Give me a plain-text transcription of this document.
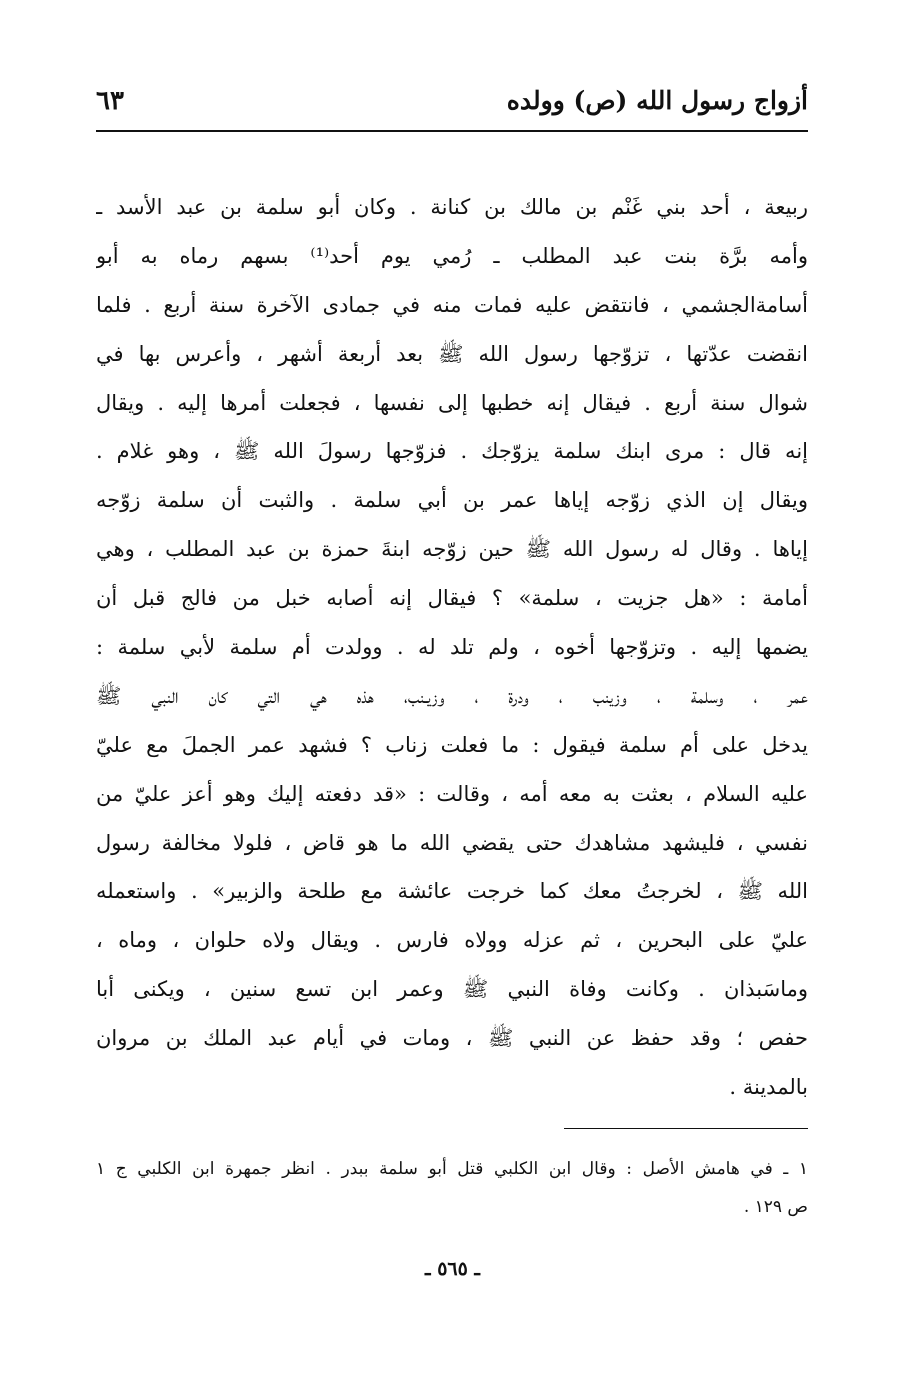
أزواج رسول الله (ص) وولده
٦٣
ربيعة ، أحد بني غَنْم بن مالك بن كنانة . وكان أبو سلمة بن عبد الأسد ـ
وأمه برَّة بنت عبد المطلب ـ رُمي يوم أحد⁽¹⁾ بسهم رماه به أبو
أسامةالجشمي ، فانتقض عليه فمات منه في جمادى الآخرة سنة أربع . فلما
انقضت عدّتها ، تزوّجها رسول الله ﷺ بعد أربعة أشهر ، وأعرس بها في
شوال سنة أربع . فيقال إنه خطبها إلى نفسها ، فجعلت أمرها إليه . ويقال
إنه قال : مرى ابنك سلمة يزوّجك . فزوّجها رسولَ الله ﷺ ، وهو غلام .
ويقال إن الذي زوّجه إياها عمر بن أبي سلمة . والثبت أن سلمة زوّجه
إياها . وقال له رسول الله ﷺ حين زوّجه ابنةَ حمزة بن عبد المطلب ، وهي
أمامة : «هل جزيت ، سلمة» ؟ فيقال إنه أصابه خبل من فالج قبل أن
يضمها إليه . وتزوّجها أخوه ، ولم تلد له . وولدت أم سلمة لأبي سلمة :
عمر ، وسلمة ، وزينب ، ودرة ، وزيـنب، هذه هي التي كان النبي ﷺ
يدخل على أم سلمة فيقول : ما فعلت زناب ؟ فشهد عمر الجملَ مع عليّ
عليه السلام ، بعثت به معه أمه ، وقالت : «قد دفعته إليك وهو أعز عليّ من
نفسي ، فليشهد مشاهدك حتى يقضي الله ما هو قاض ، فلولا مخالفة رسول
الله ﷺ ، لخرجتُ معك كما خرجت عائشة مع طلحة والزبير» . واستعمله
عليّ على البحرين ، ثم عزله وولاه فارس . ويقال ولاه حلوان ، وماه ،
وماسَبذان . وكانت وفاة النبي ﷺ وعمر ابن تسع سنين ، ويكنى أبا
حفص ؛ وقد حفظ عن النبي ﷺ ، ومات في أيام عبد الملك بن مروان
بالمدينة .
١ ـ في هامش الأصل : وقال ابن الكلبي قتل أبو سلمة ببدر . انظر جمهرة ابن الكلبي ج ١
ص ١٢٩ .
ـ ٥٦٥ ـ
